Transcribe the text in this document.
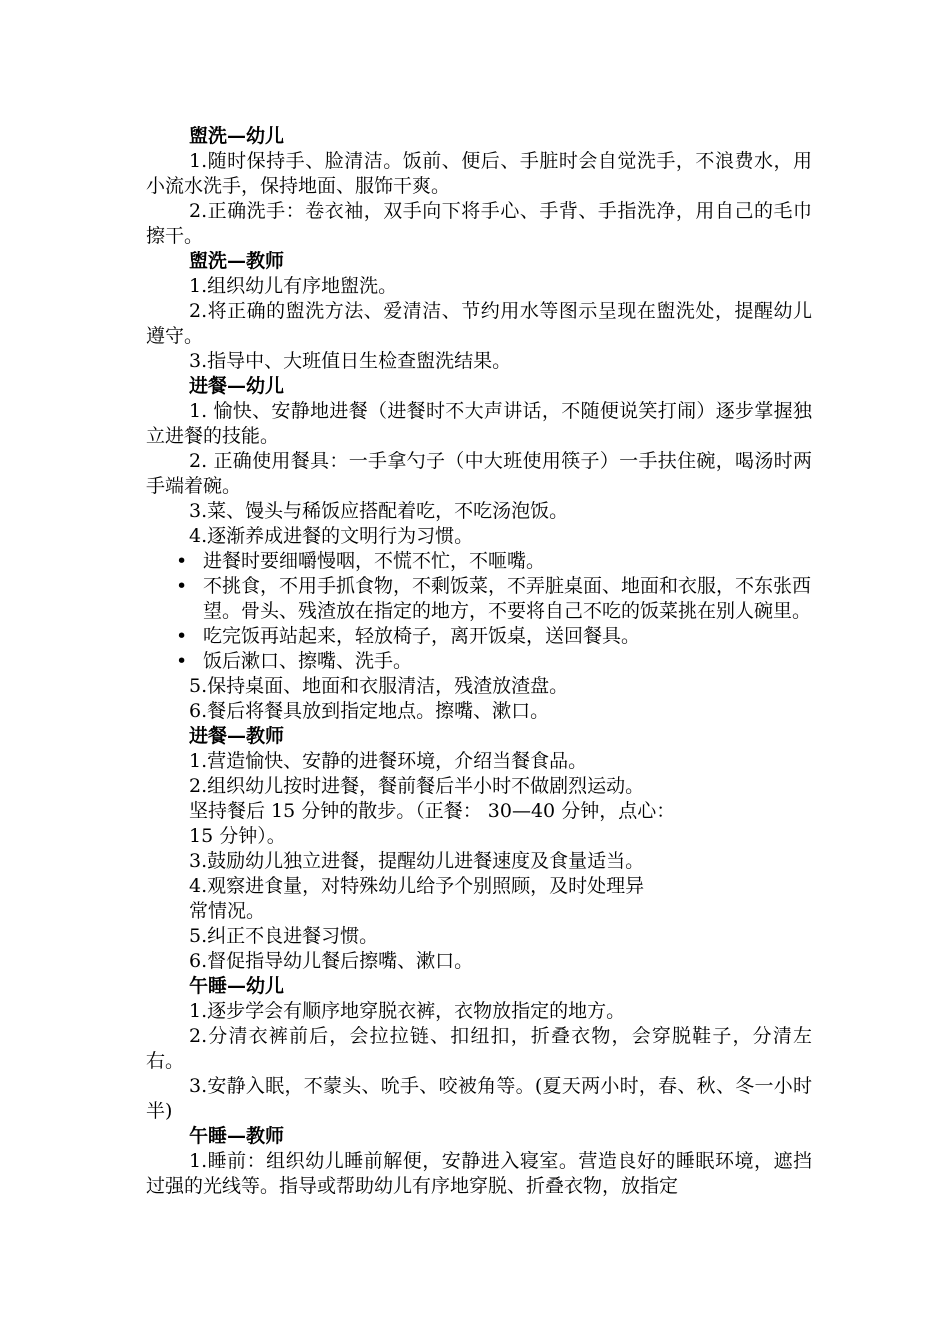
盥洗—幼儿

1.随时保持手、脸清洁。饭前、便后、手脏时会自觉洗手，不浪费水，用小流水洗手，保持地面、服饰干爽。

2.正确洗手：卷衣袖，双手向下将手心、手背、手指洗净，用自己的毛巾擦干。

盥洗—教师

1.组织幼儿有序地盥洗。

2.将正确的盥洗方法、爱清洁、节约用水等图示呈现在盥洗处，提醒幼儿遵守。

3.指导中、大班值日生检查盥洗结果。

进餐—幼儿

1. 愉快、安静地进餐（进餐时不大声讲话，不随便说笑打闹）逐步掌握独立进餐的技能。

2. 正确使用餐具：一手拿勺子（中大班使用筷子）一手扶住碗，喝汤时两手端着碗。

3.菜、馒头与稀饭应搭配着吃，不吃汤泡饭。

4.逐渐养成进餐的文明行为习惯。

• 进餐时要细嚼慢咽，不慌不忙，不咂嘴。
• 不挑食，不用手抓食物，不剩饭菜，不弄脏桌面、地面和衣服，不东张西望。骨头、残渣放在指定的地方，不要将自己不吃的饭菜挑在别人碗里。
• 吃完饭再站起来，轻放椅子，离开饭桌，送回餐具。
• 饭后漱口、擦嘴、洗手。

5.保持桌面、地面和衣服清洁，残渣放渣盘。

6.餐后将餐具放到指定地点。擦嘴、漱口。

进餐—教师

1.营造愉快、安静的进餐环境，介绍当餐食品。

2.组织幼儿按时进餐，餐前餐后半小时不做剧烈运动。

坚持餐后 15 分钟的散步。（正餐： 30—40 分钟，点心：

15 分钟）。

3.鼓励幼儿独立进餐，提醒幼儿进餐速度及食量适当。

4.观察进食量，对特殊幼儿给予个别照顾，及时处理异

常情况。

5.纠正不良进餐习惯。

6.督促指导幼儿餐后擦嘴、漱口。

午睡—幼儿

1.逐步学会有顺序地穿脱衣裤，衣物放指定的地方。

2.分清衣裤前后，会拉拉链、扣纽扣，折叠衣物，会穿脱鞋子，分清左右。

3.安静入眠，不蒙头、吮手、咬被角等。(夏天两小时，春、秋、冬一小时半)

午睡—教师

1.睡前：组织幼儿睡前解便，安静进入寝室。营造良好的睡眠环境，遮挡过强的光线等。指导或帮助幼儿有序地穿脱、折叠衣物，放指定
